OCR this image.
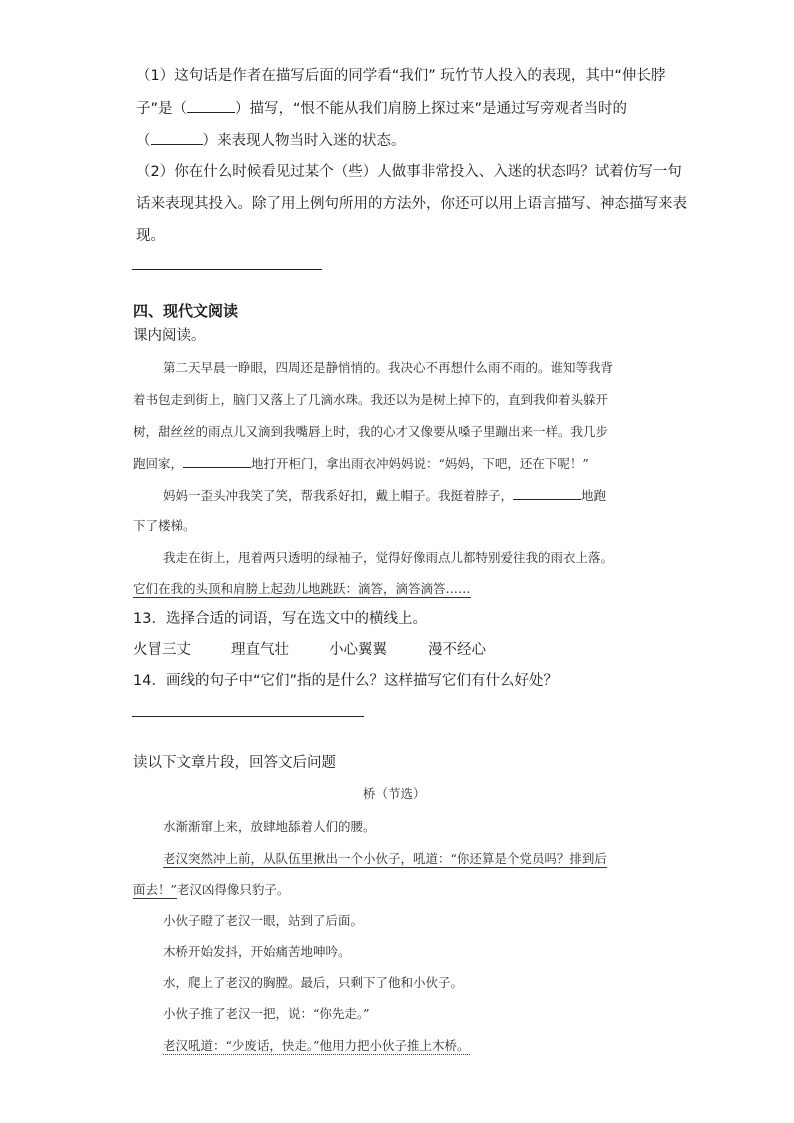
（1）这句话是作者在描写后面的同学看“我们” 玩竹节人投入的表现，其中“伸长脖
子”是（	）描写，“恨不能从我们肩膀上探过来”是通过写旁观者当时的
（	）来表现人物当时入迷的状态。
（2）你在什么时候看见过某个（些）人做事非常投入、入迷的状态吗？试着仿写一句
话来表现其投入。除了用上例句所用的方法外，你还可以用上语言描写、神态描写来表
现。
四、现代文阅读
课内阅读。
第二天早晨一睁眼，四周还是静悄悄的。我决心不再想什么雨不雨的。谁知等我背
着书包走到街上，脑门又落上了几滴水珠。我还以为是树上掉下的，直到我仰着头躲开
树，甜丝丝的雨点儿又滴到我嘴唇上时，我的心才又像要从嗓子里蹦出来一样。我几步
跑回家，	地打开柜门，拿出雨衣冲妈妈说：“妈妈，下吧，还在下呢！”
妈妈一歪头冲我笑了笑，帮我系好扣，戴上帽子。我挺着脖子，	地跑
下了楼梯。
我走在街上，甩着两只透明的绿袖子，觉得好像雨点儿都特别爱往我的雨衣上落。
它们在我的头顶和肩膀上起劲儿地跳跃：滴答，滴答滴答……
13．选择合适的词语，写在选文中的横线上。
火冒三丈	理直气壮	小心翼翼	漫不经心
14．画线的句子中“它们”指的是什么？这样描写它们有什么好处？
读以下文章片段，回答文后问题
桥（节选）
水渐渐窜上来，放肆地舔着人们的腰。
老汉突然冲上前，从队伍里揪出一个小伙子，吼道：“你还算是个党员吗？排到后
面去！”老汉凶得像只豹子。
小伙子瞪了老汉一眼，站到了后面。
木桥开始发抖，开始痛苦地呻吟。
水，爬上了老汉的胸膛。最后，只剩下了他和小伙子。
小伙子推了老汉一把，说：“你先走。”
老汉吼道：“少废话，快走。”他用力把小伙子推上木桥。
